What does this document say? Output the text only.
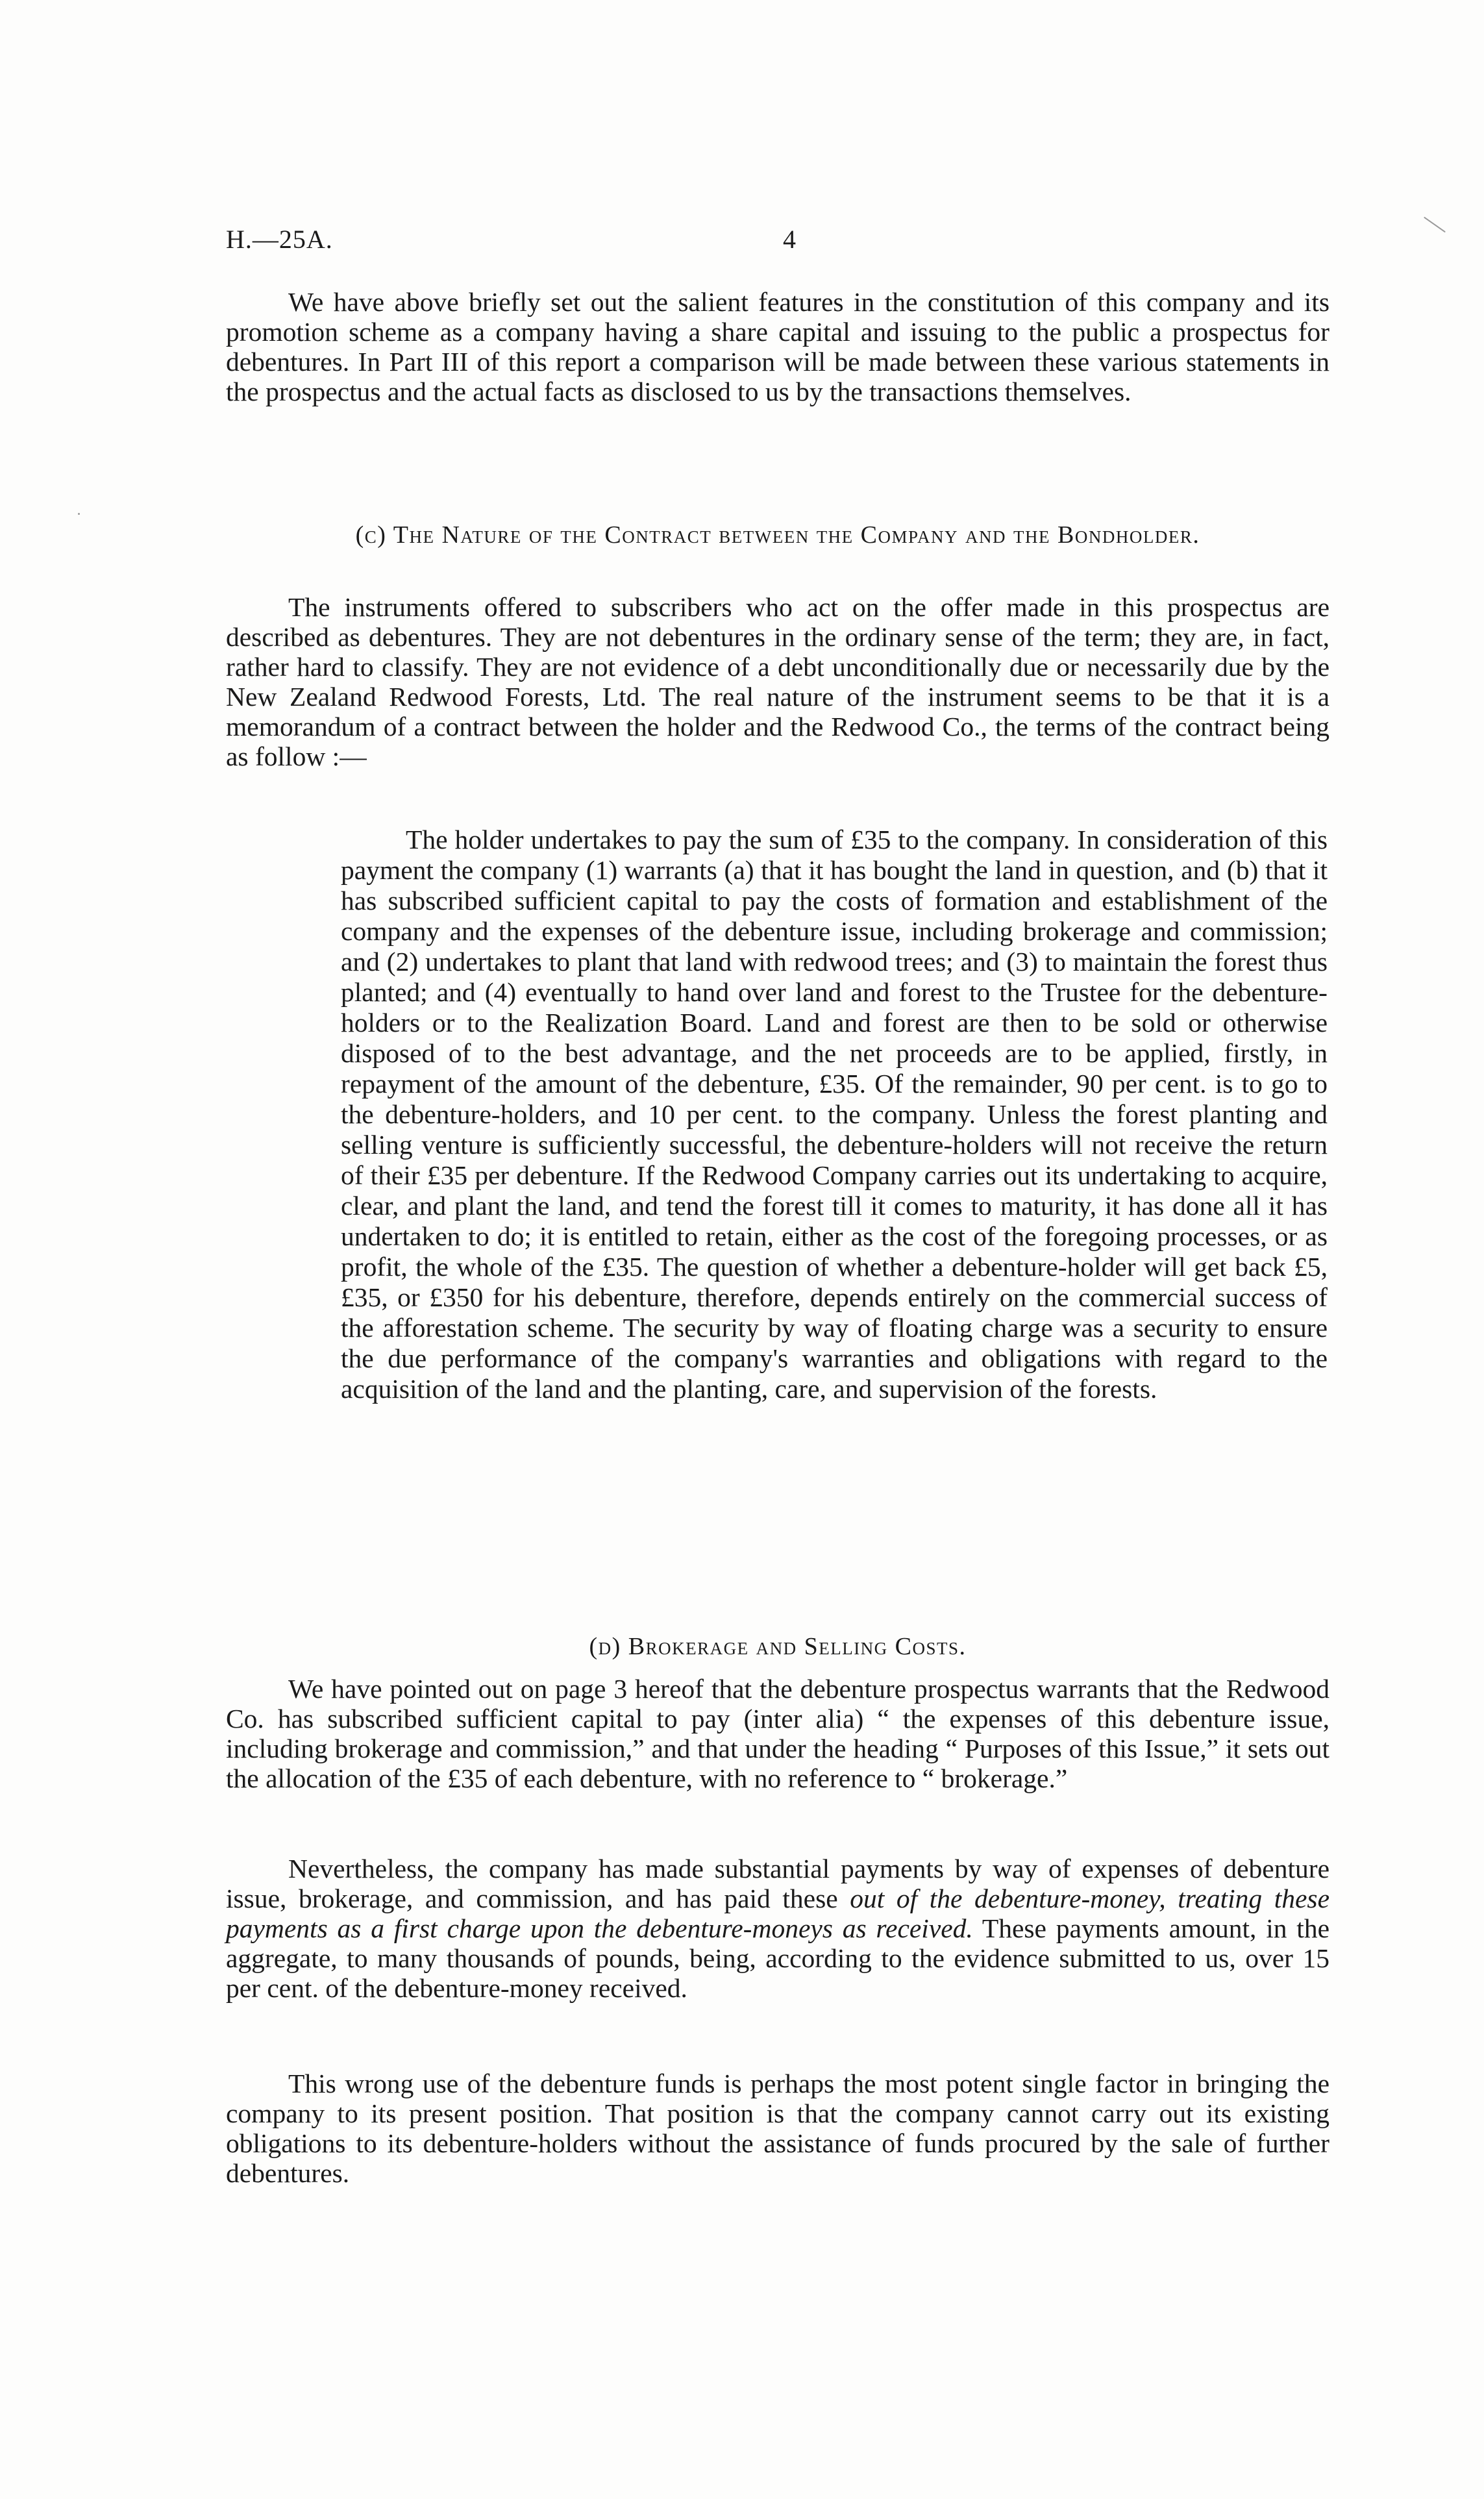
H.—25A.	4

We have above briefly set out the salient features in the constitution of this company and its promotion scheme as a company having a share capital and issuing to the public a prospectus for debentures. In Part III of this report a comparison will be made between these various statements in the prospectus and the actual facts as disclosed to us by the transactions themselves.

(c) The Nature of the Contract between the Company and the Bondholder.

The instruments offered to subscribers who act on the offer made in this prospectus are described as debentures. They are not debentures in the ordinary sense of the term; they are, in fact, rather hard to classify. They are not evidence of a debt unconditionally due or necessarily due by the New Zealand Redwood Forests, Ltd. The real nature of the instrument seems to be that it is a memorandum of a contract between the holder and the Redwood Co., the terms of the contract being as follow :—

The holder undertakes to pay the sum of £35 to the company. In consideration of this payment the company (1) warrants (a) that it has bought the land in question, and (b) that it has subscribed sufficient capital to pay the costs of formation and establishment of the company and the expenses of the debenture issue, including brokerage and commission; and (2) undertakes to plant that land with redwood trees; and (3) to maintain the forest thus planted; and (4) eventually to hand over land and forest to the Trustee for the debenture-holders or to the Realization Board. Land and forest are then to be sold or otherwise disposed of to the best advantage, and the net proceeds are to be applied, firstly, in repayment of the amount of the debenture, £35. Of the remainder, 90 per cent. is to go to the debenture-holders, and 10 per cent. to the company. Unless the forest planting and selling venture is sufficiently successful, the debenture-holders will not receive the return of their £35 per debenture. If the Redwood Company carries out its undertaking to acquire, clear, and plant the land, and tend the forest till it comes to maturity, it has done all it has undertaken to do; it is entitled to retain, either as the cost of the foregoing processes, or as profit, the whole of the £35. The question of whether a debenture-holder will get back £5, £35, or £350 for his debenture, therefore, depends entirely on the commercial success of the afforestation scheme. The security by way of floating charge was a security to ensure the due performance of the company's warranties and obligations with regard to the acquisition of the land and the planting, care, and supervision of the forests.

(d) Brokerage and Selling Costs.

We have pointed out on page 3 hereof that the debenture prospectus warrants that the Redwood Co. has subscribed sufficient capital to pay (inter alia) “ the expenses of this debenture issue, including brokerage and commission,” and that under the heading “ Purposes of this Issue,” it sets out the allocation of the £35 of each debenture, with no reference to “ brokerage.”

Nevertheless, the company has made substantial payments by way of expenses of debenture issue, brokerage, and commission, and has paid these out of the debenture-money, treating these payments as a first charge upon the debenture-moneys as received. These payments amount, in the aggregate, to many thousands of pounds, being, according to the evidence submitted to us, over 15 per cent. of the debenture-money received.

This wrong use of the debenture funds is perhaps the most potent single factor in bringing the company to its present position. That position is that the company cannot carry out its existing obligations to its debenture-holders without the assistance of funds procured by the sale of further debentures.
